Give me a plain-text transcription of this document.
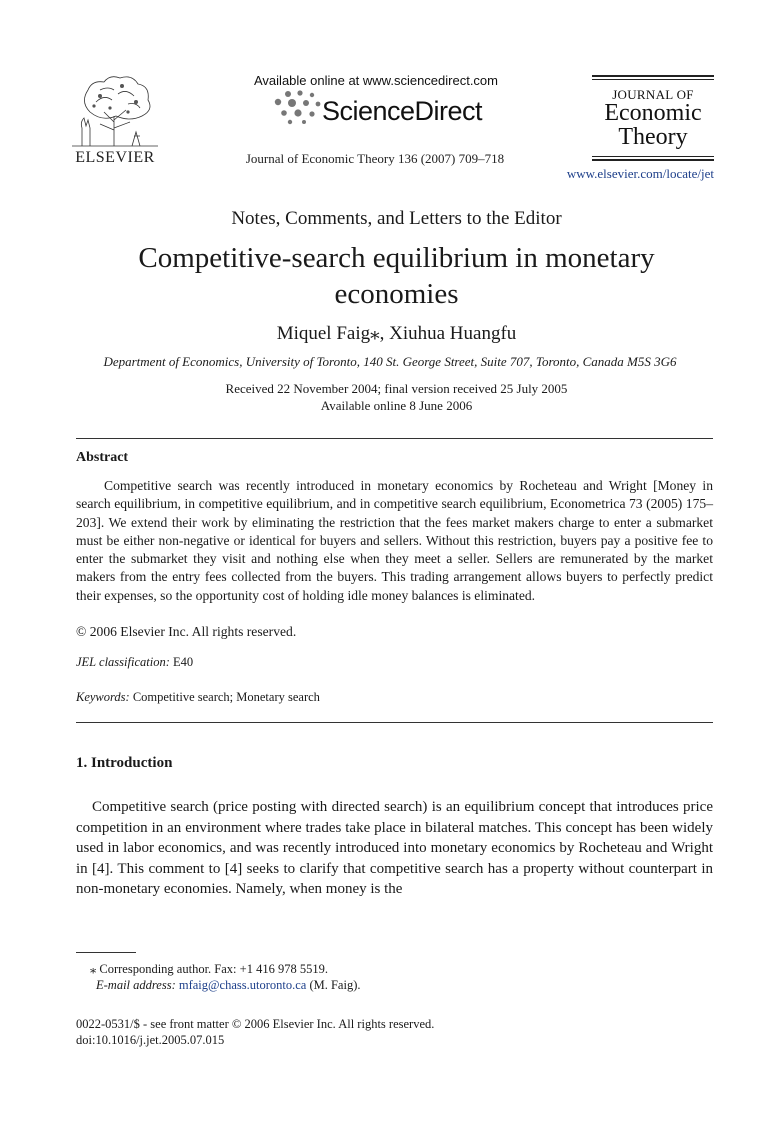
ELSEVIER
Available online at www.sciencedirect.com
ScienceDirect
Journal of Economic Theory 136 (2007) 709–718
JOURNAL OF
Economic
Theory
www.elsevier.com/locate/jet
Notes, Comments, and Letters to the Editor
Competitive-search equilibrium in monetary economies
Miquel Faig⁎, Xiuhua Huangfu
Department of Economics, University of Toronto, 140 St. George Street, Suite 707, Toronto, Canada M5S 3G6
Received 22 November 2004; final version received 25 July 2005
Available online 8 June 2006
Abstract

Competitive search was recently introduced in monetary economics by Rocheteau and Wright [Money in search equilibrium, in competitive equilibrium, and in competitive search equilibrium, Econometrica 73 (2005) 175–203]. We extend their work by eliminating the restriction that the fees market makers charge to enter a submarket must be either non-negative or identical for buyers and sellers. Without this restriction, buyers pay a positive fee to enter the submarket they visit and nothing else when they meet a seller. Sellers are remunerated by the market makers from the entry fees collected from the buyers. This trading arrangement allows buyers to perfectly predict their expenses, so the opportunity cost of holding idle money balances is eliminated.

© 2006 Elsevier Inc. All rights reserved.
JEL classification: E40
Keywords: Competitive search; Monetary search
1. Introduction

Competitive search (price posting with directed search) is an equilibrium concept that introduces price competition in an environment where trades take place in bilateral matches. This concept has been widely used in labor economics, and was recently introduced into monetary economics by Rocheteau and Wright in [4]. This comment to [4] seeks to clarify that competitive search has a property without counterpart in non-monetary economies. Namely, when money is the

⁎ Corresponding author. Fax: +1 416 978 5519.
E-mail address: mfaig@chass.utoronto.ca (M. Faig).
0022-0531/$ - see front matter © 2006 Elsevier Inc. All rights reserved.
doi:10.1016/j.jet.2005.07.015
